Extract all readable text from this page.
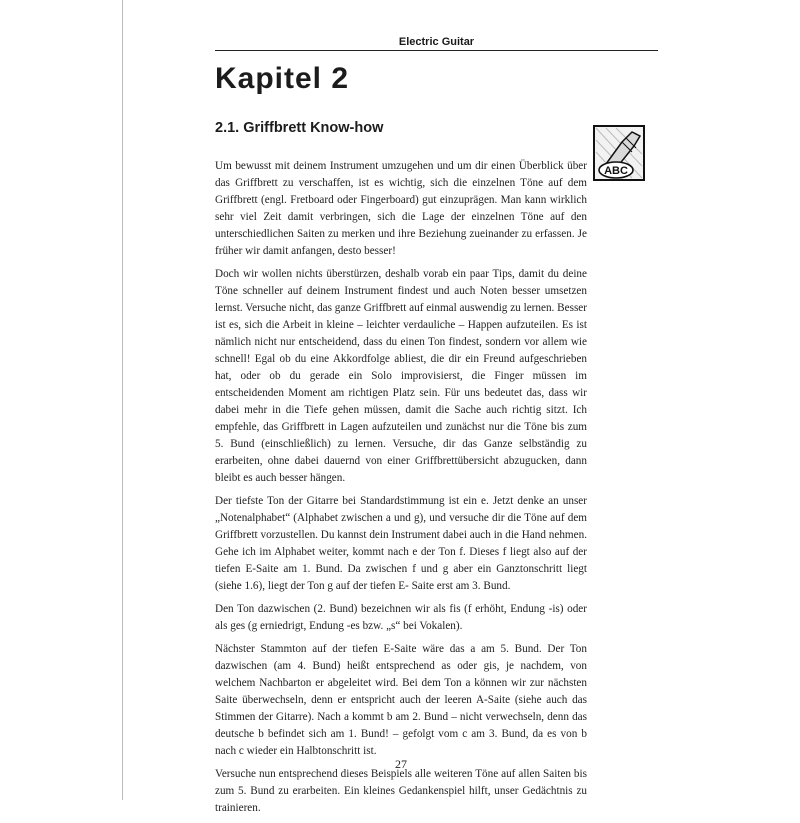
Electric Guitar
Kapitel 2
2.1. Griffbrett Know-how
ABC

Um bewusst mit deinem Instrument umzugehen und um dir einen Überblick über das Griffbrett zu verschaffen, ist es wichtig, sich die einzelnen Töne auf dem Griffbrett (engl. Fretboard oder Fingerboard) gut einzuprägen. Man kann wirklich sehr viel Zeit damit verbringen, sich die Lage der einzelnen Töne auf den unterschiedlichen Saiten zu merken und ihre Beziehung zueinander zu erfassen. Je früher wir damit anfangen, desto besser!

Doch wir wollen nichts überstürzen, deshalb vorab ein paar Tips, damit du deine Töne schneller auf deinem Instrument findest und auch Noten besser umsetzen lernst. Versuche nicht, das ganze Griffbrett auf einmal auswendig zu lernen. Besser ist es, sich die Arbeit in kleine – leichter verdauliche – Happen aufzuteilen. Es ist nämlich nicht nur entscheidend, dass du einen Ton findest, sondern vor allem wie schnell! Egal ob du eine Akkordfolge abliest, die dir ein Freund aufgeschrieben hat, oder ob du gerade ein Solo improvisierst, die Finger müssen im entscheidenden Moment am richtigen Platz sein. Für uns bedeutet das, dass wir dabei mehr in die Tiefe gehen müssen, damit die Sache auch richtig sitzt. Ich empfehle, das Griffbrett in Lagen aufzuteilen und zunächst nur die Töne bis zum 5. Bund (einschließlich) zu lernen. Versuche, dir das Ganze selbständig zu erarbeiten, ohne dabei dauernd von einer Griffbrettübersicht abzugucken, dann bleibt es auch besser hängen.

Der tiefste Ton der Gitarre bei Standardstimmung ist ein e. Jetzt denke an unser „Notenalphabet“ (Alphabet zwischen a und g), und versuche dir die Töne auf dem Griffbrett vorzustellen. Du kannst dein Instrument dabei auch in die Hand nehmen. Gehe ich im Alphabet weiter, kommt nach e der Ton f. Dieses f liegt also auf der tiefen E-Saite am 1. Bund. Da zwischen f und g aber ein Ganztonschritt liegt (siehe 1.6), liegt der Ton g auf der tiefen E- Saite erst am 3. Bund.

Den Ton dazwischen (2. Bund) bezeichnen wir als fis (f erhöht, Endung -is) oder als ges (g erniedrigt, Endung -es bzw. „s“ bei Vokalen).

Nächster Stammton auf der tiefen E-Saite wäre das a am 5. Bund. Der Ton dazwischen (am 4. Bund) heißt entsprechend as oder gis, je nachdem, von welchem Nachbarton er abgeleitet wird. Bei dem Ton a können wir zur nächsten Saite überwechseln, denn er entspricht auch der leeren A-Saite (siehe auch das Stimmen der Gitarre). Nach a kommt b am 2. Bund – nicht verwechseln, denn das deutsche b befindet sich am 1. Bund! – gefolgt vom c am 3. Bund, da es von b nach c wieder ein Halbtonschritt ist.

Versuche nun entsprechend dieses Beispiels alle weiteren Töne auf allen Saiten bis zum 5. Bund zu erarbeiten. Ein kleines Gedankenspiel hilft, unser Gedächtnis zu trainieren.

27
